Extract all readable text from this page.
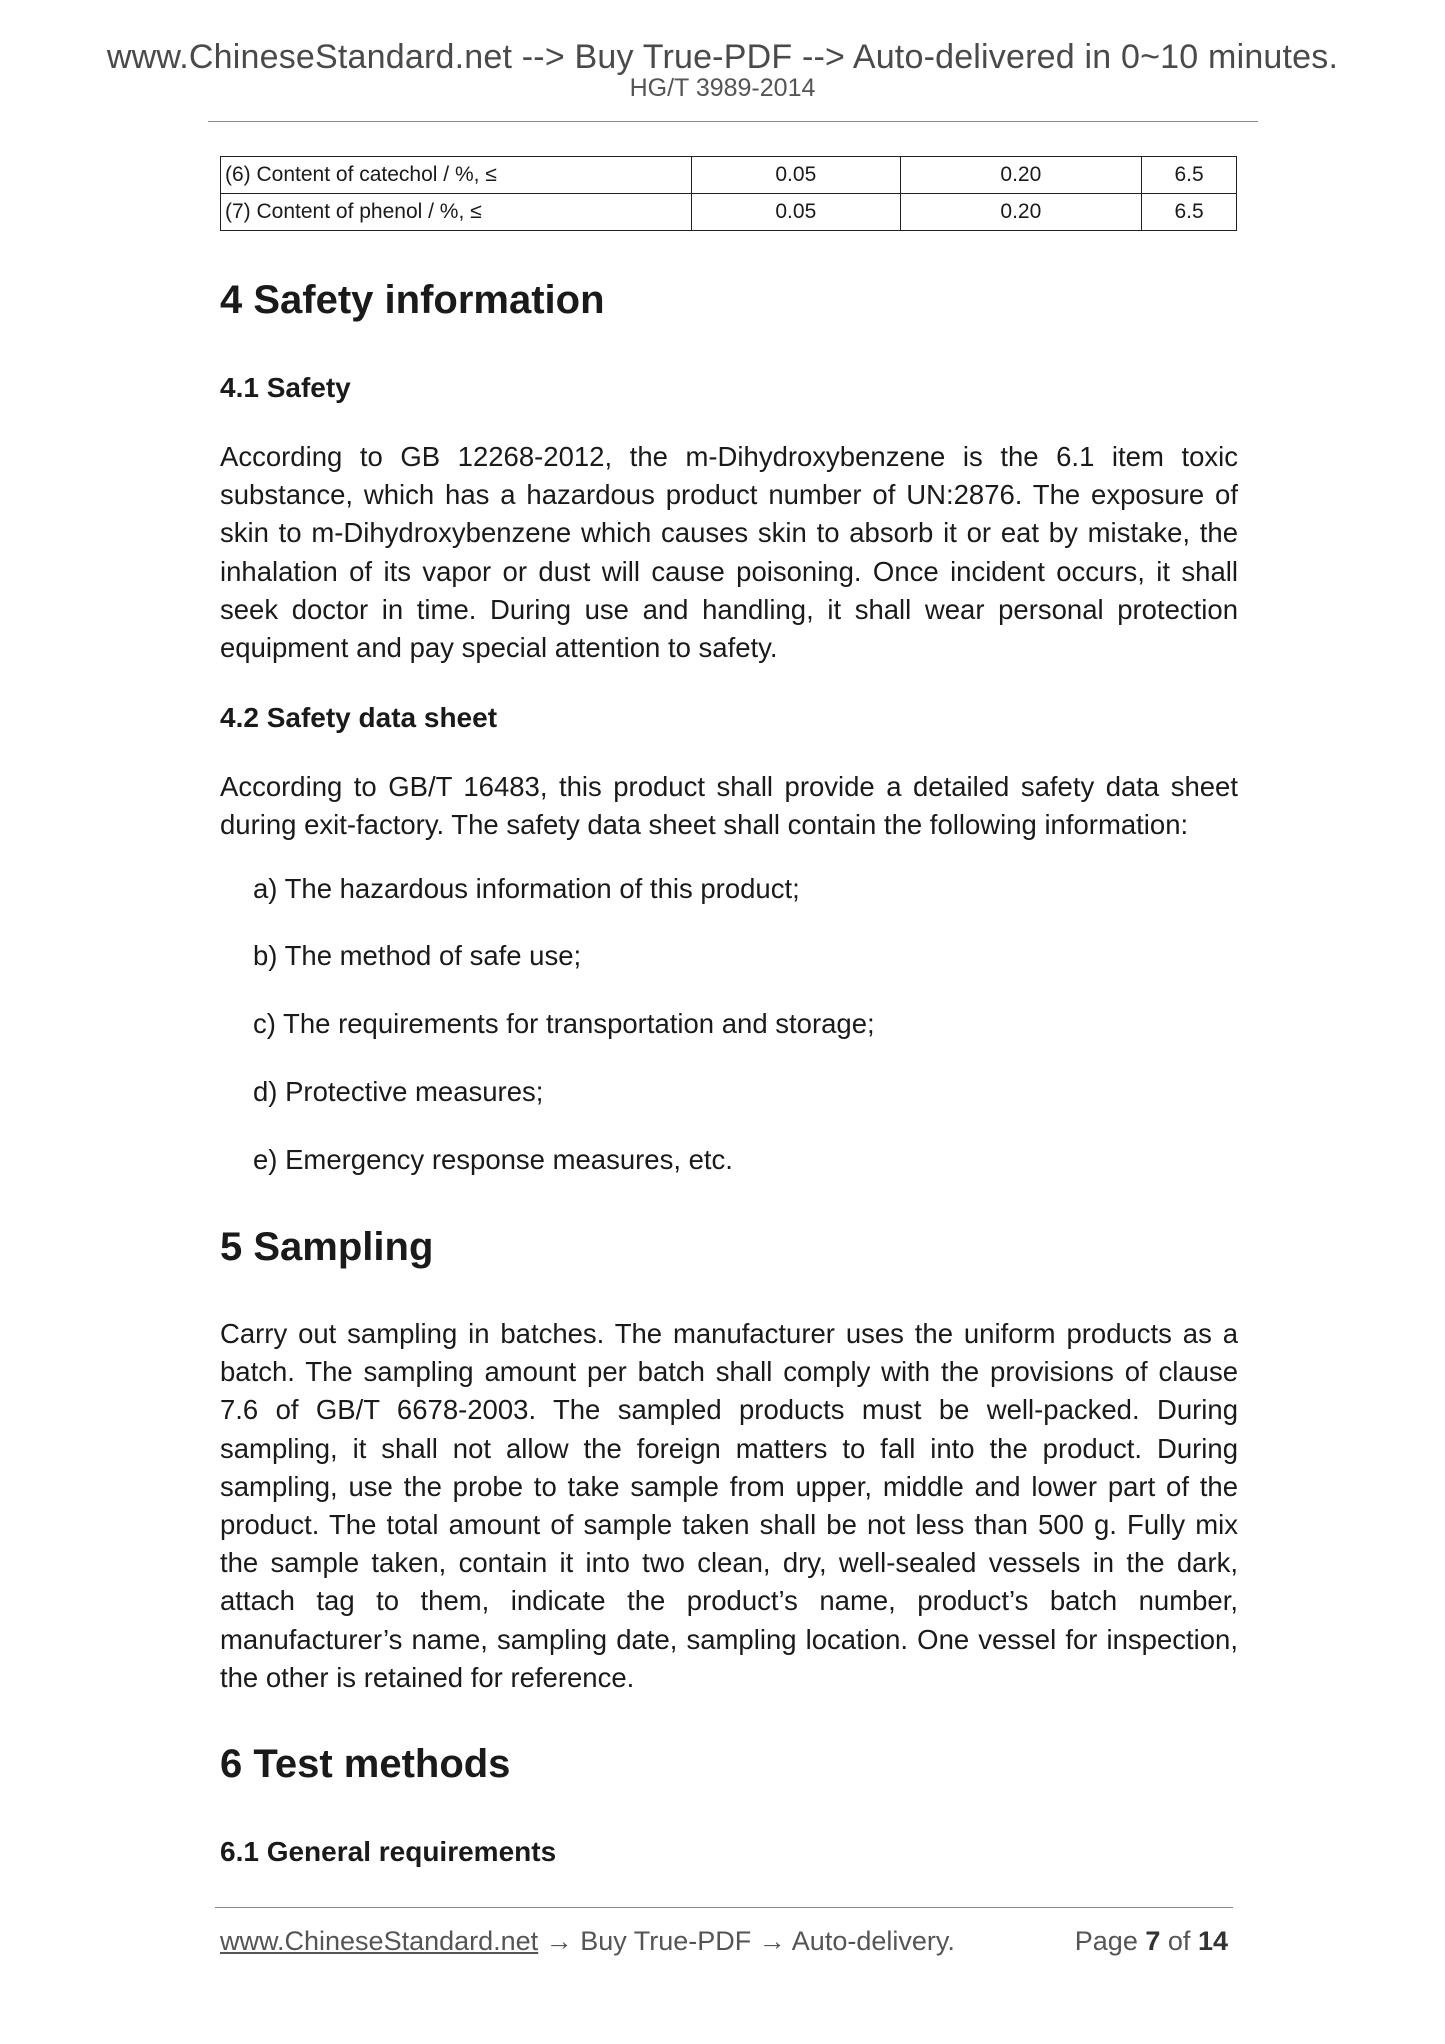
www.ChineseStandard.net --> Buy True-PDF --> Auto-delivered in 0~10 minutes.
HG/T 3989-2014
(6) Content of catechol / %, ≤	0.05	0.20	6.5
(7) Content of phenol / %, ≤	0.05	0.20	6.5
4 Safety information
4.1 Safety

According to GB 12268-2012, the m-Dihydroxybenzene is the 6.1 item toxic substance, which has a hazardous product number of UN:2876. The exposure of skin to m-Dihydroxybenzene which causes skin to absorb it or eat by mistake, the inhalation of its vapor or dust will cause poisoning. Once incident occurs, it shall seek doctor in time. During use and handling, it shall wear personal protection equipment and pay special attention to safety.

4.2 Safety data sheet

According to GB/T 16483, this product shall provide a detailed safety data sheet during exit-factory. The safety data sheet shall contain the following information:

a) The hazardous information of this product;
b) The method of safe use;
c) The requirements for transportation and storage;
d) Protective measures;
e) Emergency response measures, etc.
5 Sampling

Carry out sampling in batches. The manufacturer uses the uniform products as a batch. The sampling amount per batch shall comply with the provisions of clause 7.6 of GB/T 6678-2003. The sampled products must be well-packed. During sampling, it shall not allow the foreign matters to fall into the product. During sampling, use the probe to take sample from upper, middle and lower part of the product. The total amount of sample taken shall be not less than 500 g. Fully mix the sample taken, contain it into two clean, dry, well-sealed vessels in the dark, attach tag to them, indicate the product’s name, product’s batch number, manufacturer’s name, sampling date, sampling location. One vessel for inspection, the other is retained for reference.

6 Test methods
6.1 General requirements
www.ChineseStandard.net → Buy True-PDF → Auto-delivery.	Page 7 of 14
